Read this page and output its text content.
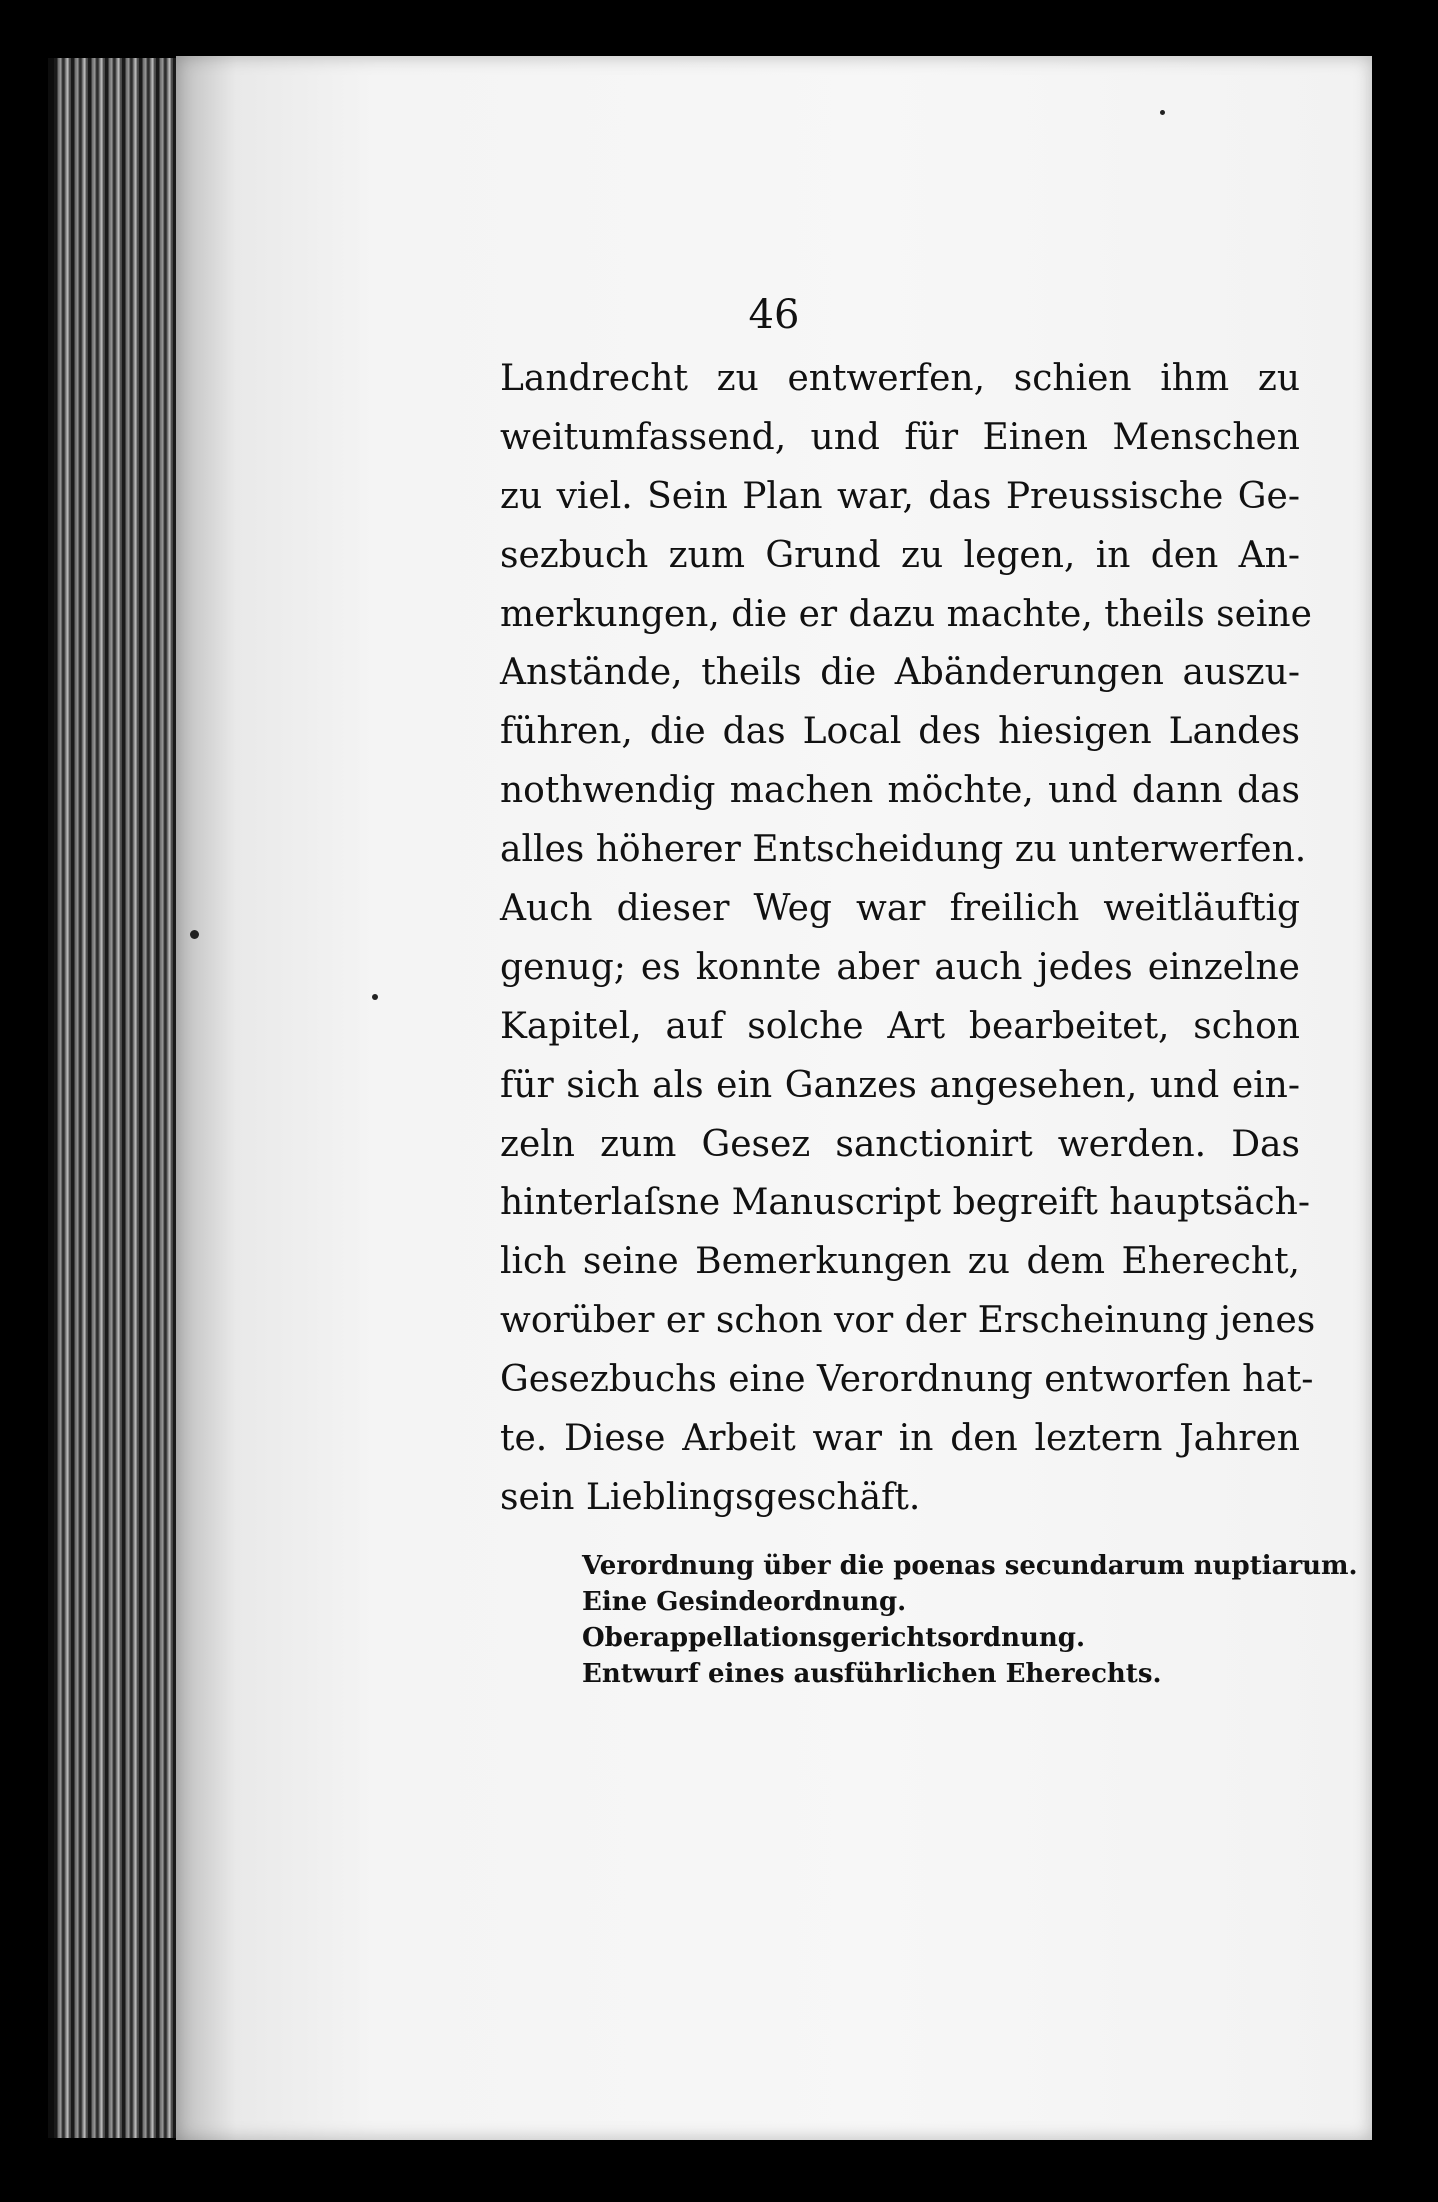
46
Landrecht zu entwerfen, schien ihm zu
weitumfassend, und für Einen Menschen
zu viel. Sein Plan war, das Preussische Ge-
sezbuch zum Grund zu legen, in den An-
merkungen, die er dazu machte, theils seine
Anstände, theils die Abänderungen auszu-
führen, die das Local des hiesigen Landes
nothwendig machen möchte, und dann das
alles höherer Entscheidung zu unterwerfen.
Auch dieser Weg war freilich weitläuftig
genug; es konnte aber auch jedes einzelne
Kapitel, auf solche Art bearbeitet, schon
für sich als ein Ganzes angesehen, und ein-
zeln zum Gesez sanctionirt werden. Das
hinterlaſsne Manuscript begreift hauptsäch-
lich seine Bemerkungen zu dem Eherecht,
worüber er schon vor der Erscheinung jenes
Gesezbuchs eine Verordnung entworfen hat-
te. Diese Arbeit war in den leztern Jahren
sein Lieblingsgeschäft.
Verordnung über die poenas secundarum nuptiarum.
Eine Gesindeordnung.
Oberappellationsgerichtsordnung.
Entwurf eines ausführlichen Eherechts.
